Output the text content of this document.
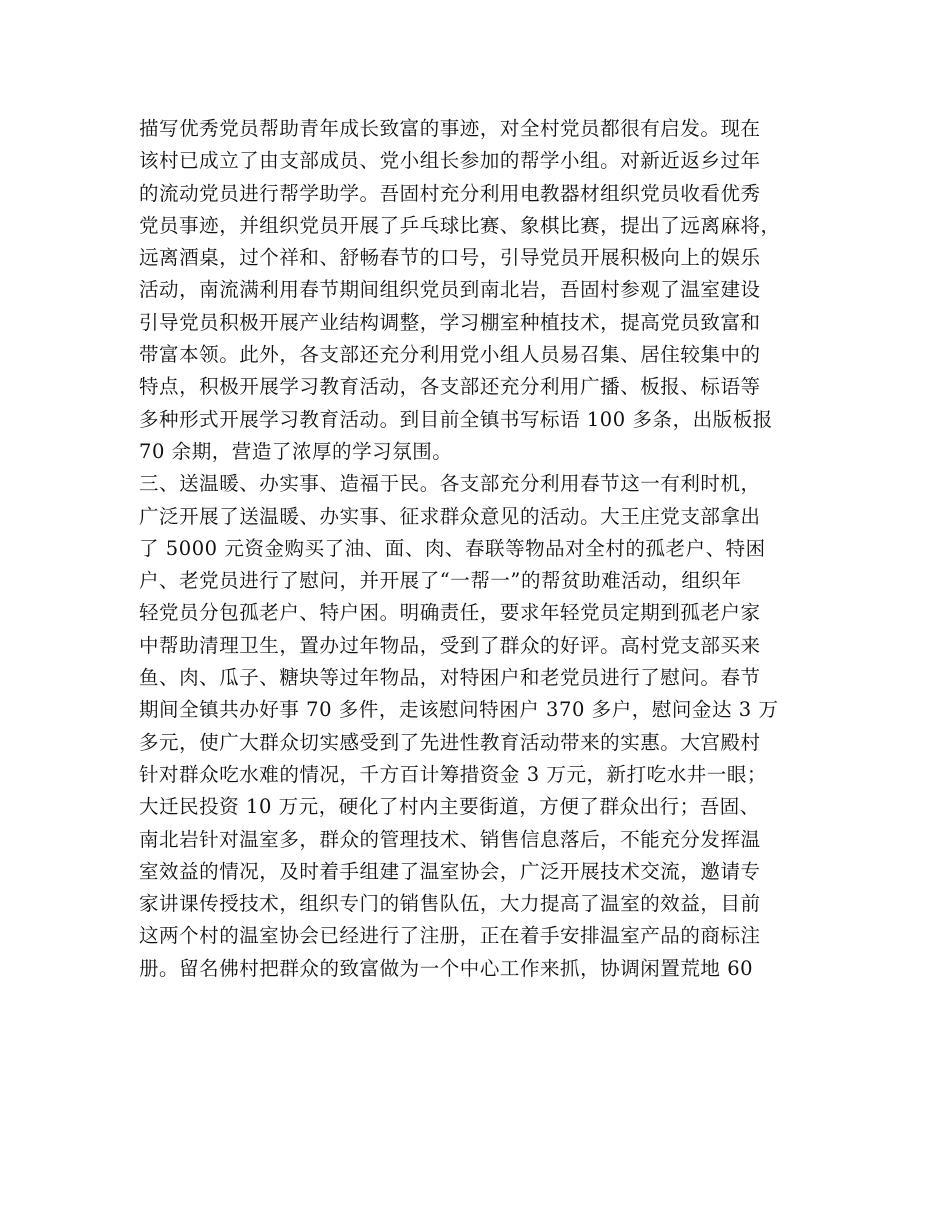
描写优秀党员帮助青年成长致富的事迹，对全村党员都很有启发。现在
该村已成立了由支部成员、党小组长参加的帮学小组。对新近返乡过年
的流动党员进行帮学助学。吾固村充分利用电教器材组织党员收看优秀
党员事迹，并组织党员开展了乒乓球比赛、象棋比赛，提出了远离麻将，
远离酒桌，过个祥和、舒畅春节的口号，引导党员开展积极向上的娱乐
活动，南流满利用春节期间组织党员到南北岩，吾固村参观了温室建设
引导党员积极开展产业结构调整，学习棚室种植技术，提高党员致富和
带富本领。此外，各支部还充分利用党小组人员易召集、居住较集中的
特点，积极开展学习教育活动，各支部还充分利用广播、板报、标语等
多种形式开展学习教育活动。到目前全镇书写标语 100 多条，出版板报
70 余期，营造了浓厚的学习氛围。
三、送温暖、办实事、造福于民。各支部充分利用春节这一有利时机，
广泛开展了送温暖、办实事、征求群众意见的活动。大王庄党支部拿出
了 5000 元资金购买了油、面、肉、春联等物品对全村的孤老户、特困
户、老党员进行了慰问，并开展了“一帮一”的帮贫助难活动，组织年
轻党员分包孤老户、特户困。明确责任，要求年轻党员定期到孤老户家
中帮助清理卫生，置办过年物品，受到了群众的好评。高村党支部买来
鱼、肉、瓜子、糖块等过年物品，对特困户和老党员进行了慰问。春节
期间全镇共办好事 70 多件，走该慰问特困户 370 多户，慰问金达 3 万
多元，使广大群众切实感受到了先进性教育活动带来的实惠。大宫殿村
针对群众吃水难的情况，千方百计筹措资金 3 万元，新打吃水井一眼；
大迁民投资 10 万元，硬化了村内主要街道，方便了群众出行；吾固、
南北岩针对温室多，群众的管理技术、销售信息落后，不能充分发挥温
室效益的情况，及时着手组建了温室协会，广泛开展技术交流，邀请专
家讲课传授技术，组织专门的销售队伍，大力提高了温室的效益，目前
这两个村的温室协会已经进行了注册，正在着手安排温室产品的商标注
册。留名佛村把群众的致富做为一个中心工作来抓，协调闲置荒地 60
